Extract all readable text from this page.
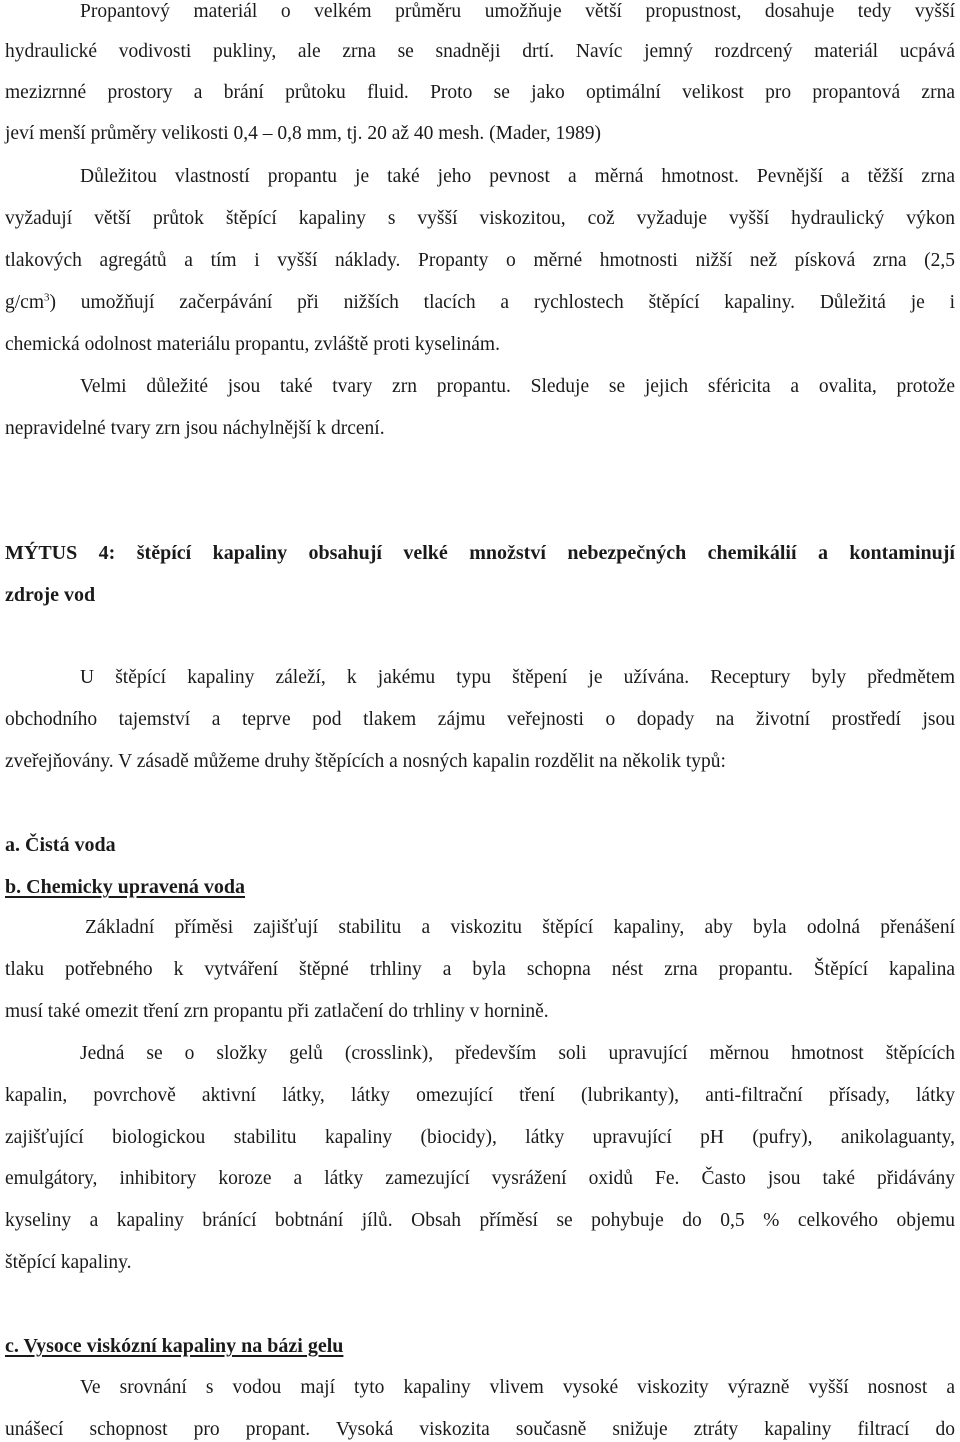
Propantový materiál o velkém průměru umožňuje větší propustnost, dosahuje tedy vyšší
hydraulické vodivosti pukliny, ale zrna se snadněji drtí. Navíc jemný rozdrcený materiál ucpává
mezizrnné prostory a brání průtoku fluid. Proto se jako optimální velikost pro propantová zrna
jeví menší průměry velikosti 0,4 – 0,8 mm, tj. 20 až 40 mesh. (Mader, 1989)
Důležitou vlastností propantu je také jeho pevnost a měrná hmotnost. Pevnější a těžší zrna
vyžadují větší průtok štěpící kapaliny s vyšší viskozitou, což vyžaduje vyšší hydraulický výkon
tlakových agregátů a tím i vyšší náklady. Propanty o měrné hmotnosti nižší než písková zrna (2,5
$g/cm^3$) umožňují začerpávání při nižších tlacích a rychlostech štěpící kapaliny. Důležitá je i
chemická odolnost materiálu propantu, zvláště proti kyselinám.
Velmi důležité jsou také tvary zrn propantu. Sleduje se jejich sféricita a ovalita, protože
nepravidelné tvary zrn jsou náchylnější k drcení.
MÝTUS 4: štěpící kapaliny obsahují velké množství nebezpečných chemikálií a kontaminují
zdroje vod
U štěpící kapaliny záleží, k jakému typu štěpení je užívána. Receptury byly předmětem
obchodního tajemství a teprve pod tlakem zájmu veřejnosti o dopady na životní prostředí jsou
zveřejňovány. V zásadě můžeme druhy štěpících a nosných kapalin rozdělit na několik typů:
a. Čistá voda
b. Chemicky upravená voda
Základní příměsi zajišťují stabilitu a viskozitu štěpící kapaliny, aby byla odolná přenášení
tlaku potřebného k vytváření štěpné trhliny a byla schopna nést zrna propantu. Štěpící kapalina
musí také omezit tření zrn propantu při zatlačení do trhliny v hornině.
Jedná se o složky gelů (crosslink), především soli upravující měrnou hmotnost štěpících
kapalin, povrchově aktivní látky, látky omezující tření (lubrikanty), anti-filtrační přísady, látky
zajišťující biologickou stabilitu kapaliny (biocidy), látky upravující pH (pufry), anikolaguanty,
emulgátory, inhibitory koroze a látky zamezující vysrážení oxidů Fe. Často jsou také přidávány
kyseliny a kapaliny bránící bobtnání jílů. Obsah příměsí se pohybuje do 0,5 % celkového objemu
štěpící kapaliny.
c. Vysoce viskózní kapaliny na bázi gelu
Ve srovnání s vodou mají tyto kapaliny vlivem vysoké viskozity výrazně vyšší nosnost a
unášecí schopnost pro propant. Vysoká viskozita současně snižuje ztráty kapaliny filtrací do
